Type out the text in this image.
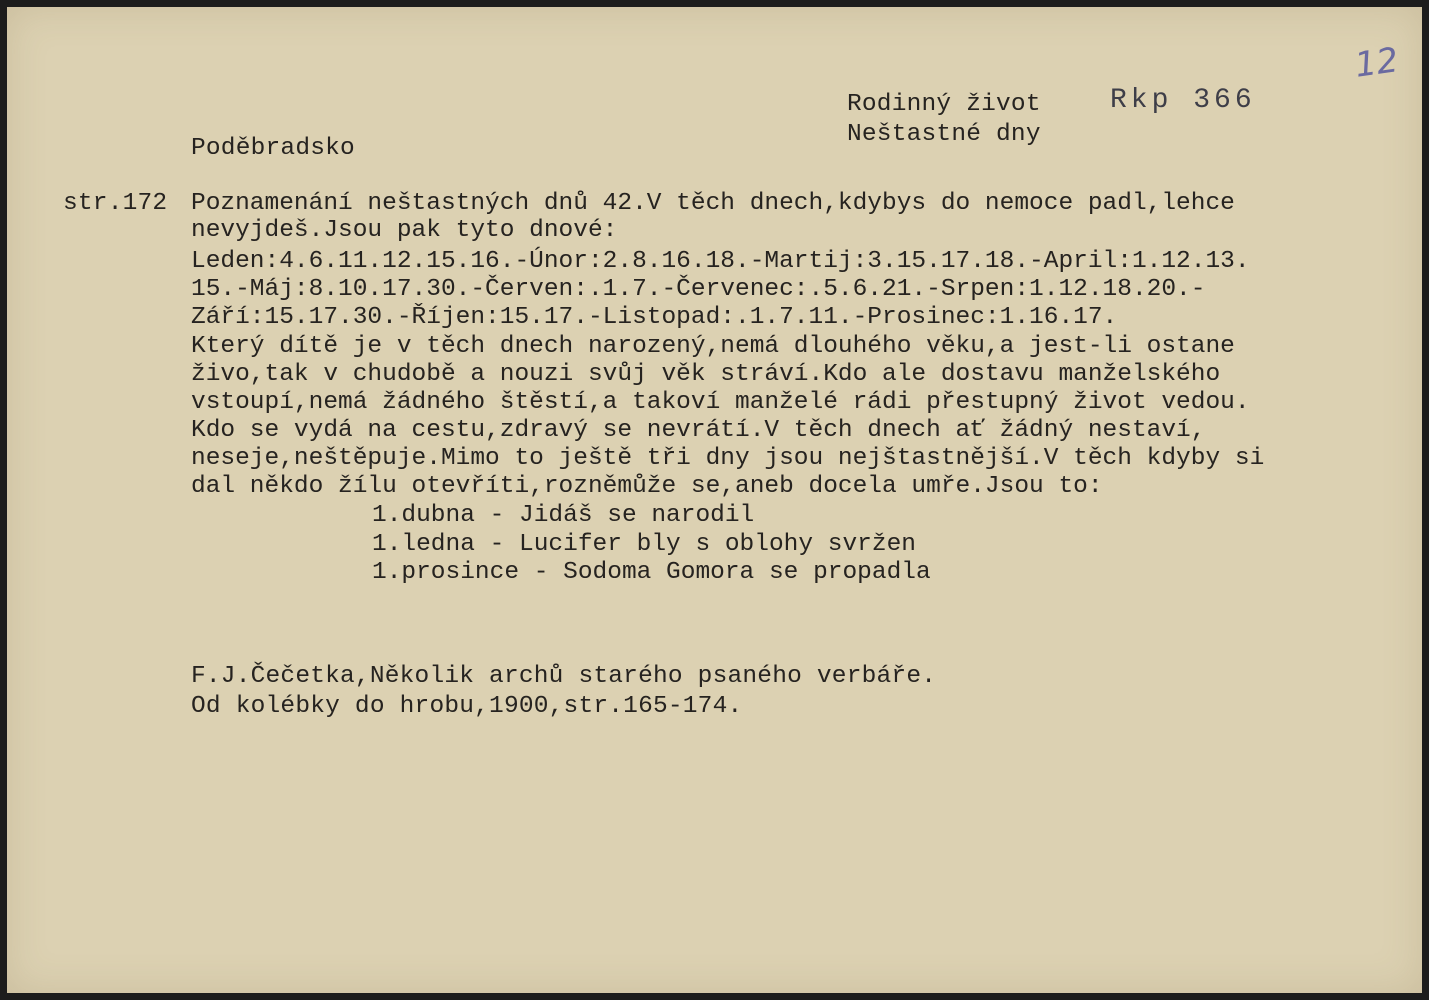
12
Rkp 366
Rodinný život
Neštastné dny
Poděbradsko
str.172 Poznamenání neštastných dnů 42.V těch dnech,kdybys do nemoce padl,lehce
nevyjdeš.Jsou pak tyto dnové:
Leden:4.6.11.12.15.16.-Únor:2.8.16.18.-Martij:3.15.17.18.-April:1.12.13.
15.-Máj:8.10.17.30.-Červen:.1.7.-Červenec:.5.6.21.-Srpen:1.12.18.20.-
Září:15.17.30.-Říjen:15.17.-Listopad:.1.7.11.-Prosinec:1.16.17.
Který dítě je v těch dnech narozený,nemá dlouhého věku,a jest-li ostane
živo,tak v chudobě a nouzi svůj věk stráví.Kdo ale dostavu manželského
vstoupí,nemá žádného štěstí,a takoví manželé rádi přestupný život vedou.
Kdo se vydá na cestu,zdravý se nevrátí.V těch dnech ať žádný nestaví,
neseje,neštěpuje.Mimo to ještě tři dny jsou nejštastnější.V těch kdyby si
dal někdo žílu otevříti,rozněmůže se,aneb docela umře.Jsou to:
1.dubna - Jidáš se narodil
1.ledna - Lucifer bly s oblohy svržen
1.prosince - Sodoma Gomora se propadla
F.J.Čečetka,Několik archů starého psaného verbáře.
Od kolébky do hrobu,1900,str.165-174.
